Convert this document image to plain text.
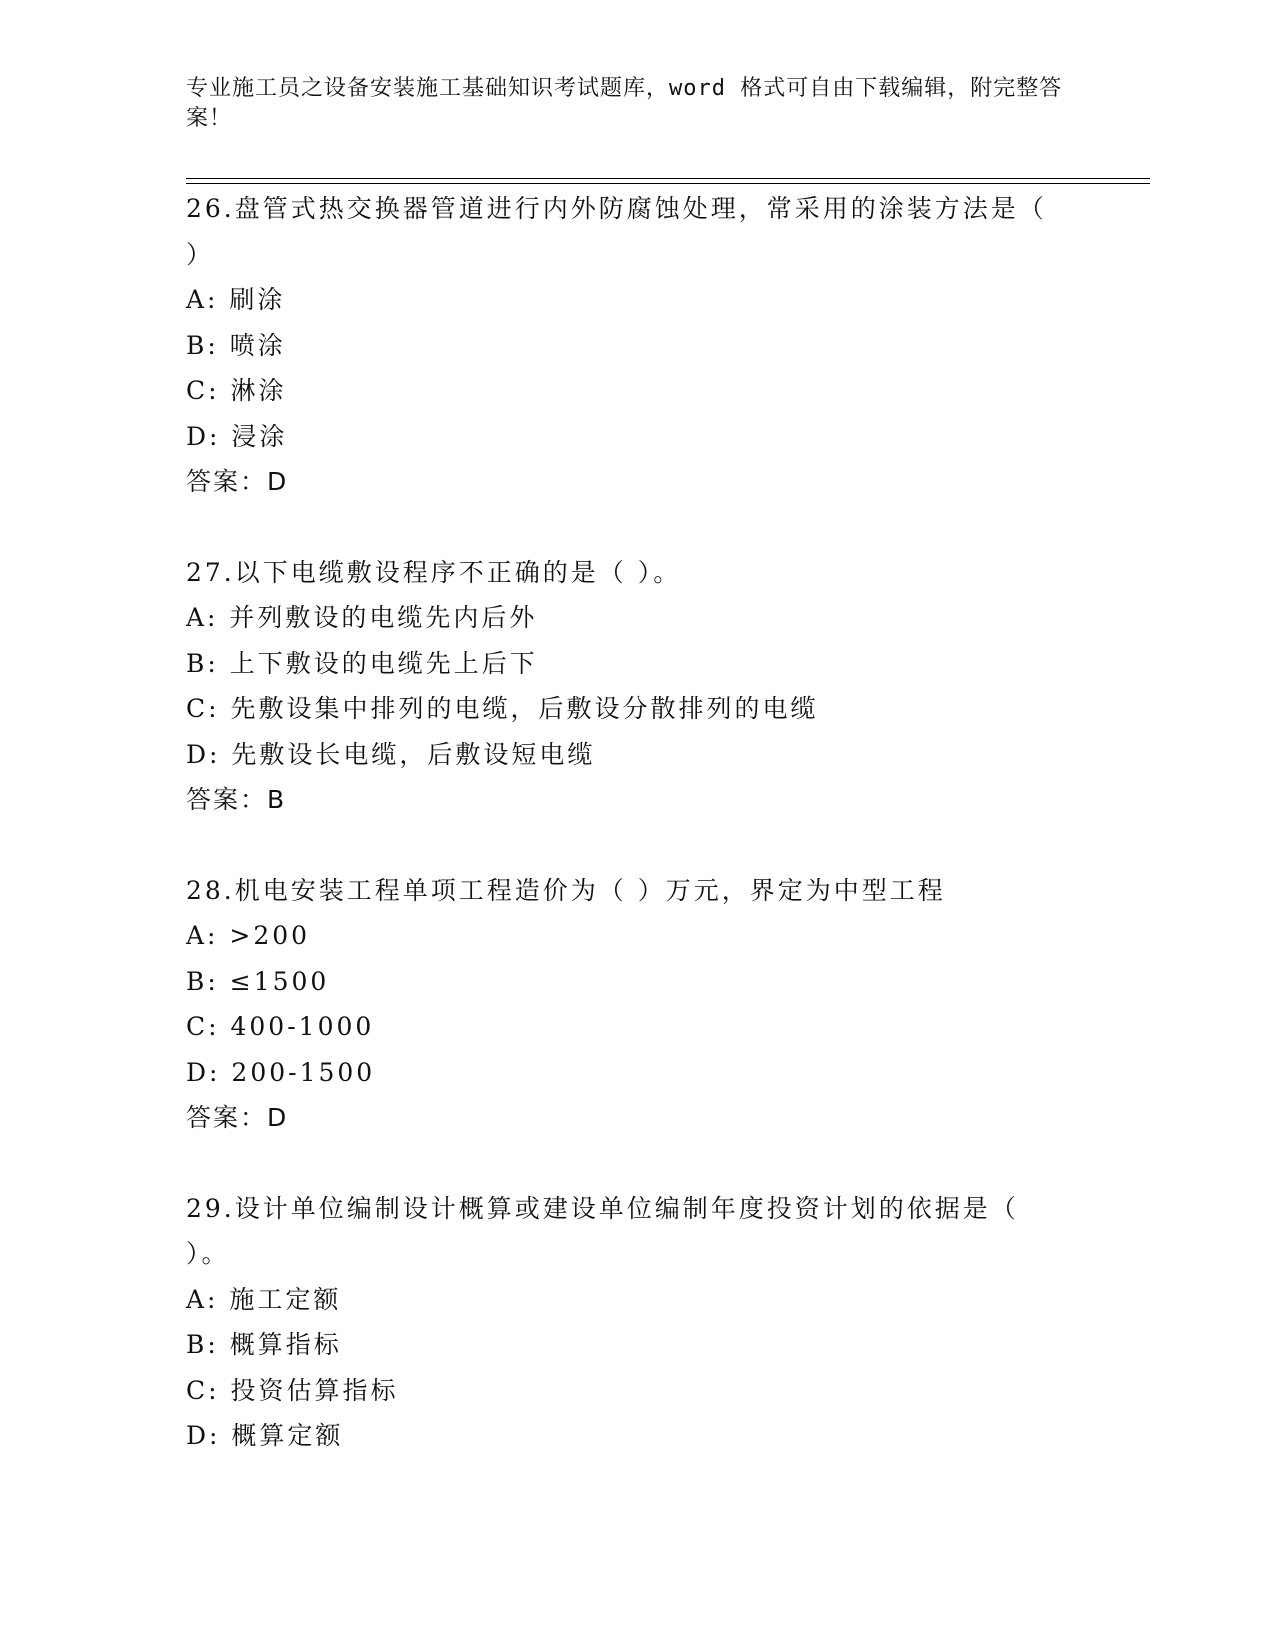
专业施工员之设备安装施工基础知识考试题库，word 格式可自由下载编辑，附完整答案！
26.盘管式热交换器管道进行内外防腐蚀处理，常采用的涂装方法是（ ）
A: 刷涂
B: 喷涂
C: 淋涂
D: 浸涂
答案：D
27.以下电缆敷设程序不正确的是（ ）。
A: 并列敷设的电缆先内后外
B: 上下敷设的电缆先上后下
C: 先敷设集中排列的电缆，后敷设分散排列的电缆
D: 先敷设长电缆，后敷设短电缆
答案：B
28.机电安装工程单项工程造价为（ ）万元，界定为中型工程
A: >200
B: ≤1500
C: 400-1000
D: 200-1500
答案：D
29.设计单位编制设计概算或建设单位编制年度投资计划的依据是（ ）。
A: 施工定额
B: 概算指标
C: 投资估算指标
D: 概算定额
